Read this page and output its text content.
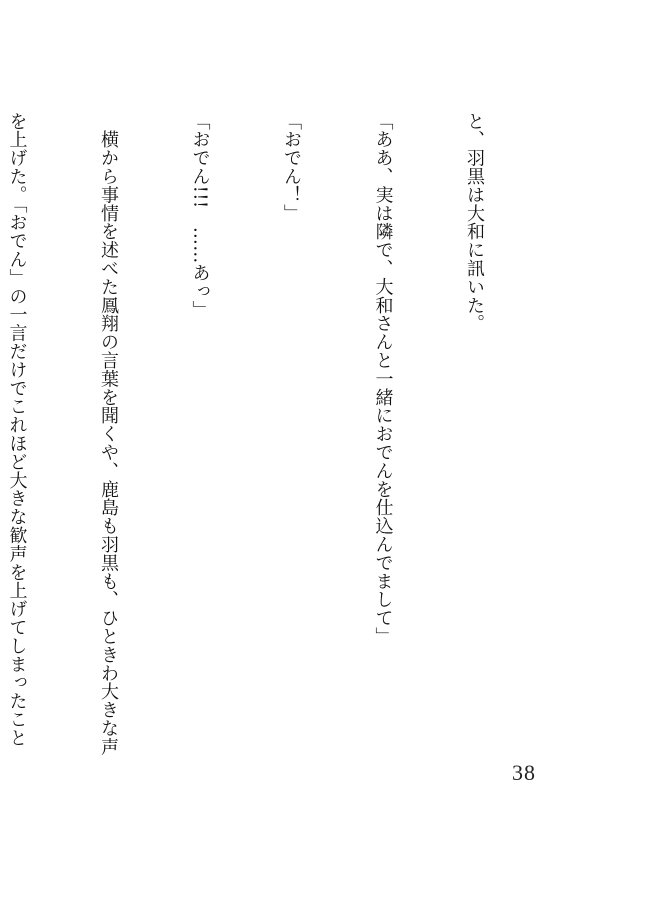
と、羽黒は大和に訊いた。

「ああ、実は隣で、大和さんと一緒におでんを仕込んでまして」

「おでん！」

「おでん!!!　……あっ」

　横から事情を述べた鳳翔の言葉を聞くや、鹿島も羽黒も、ひときわ大きな声

を上げた。「おでん」の一言だけでこれほど大きな歓声を上げてしまったこと

38
